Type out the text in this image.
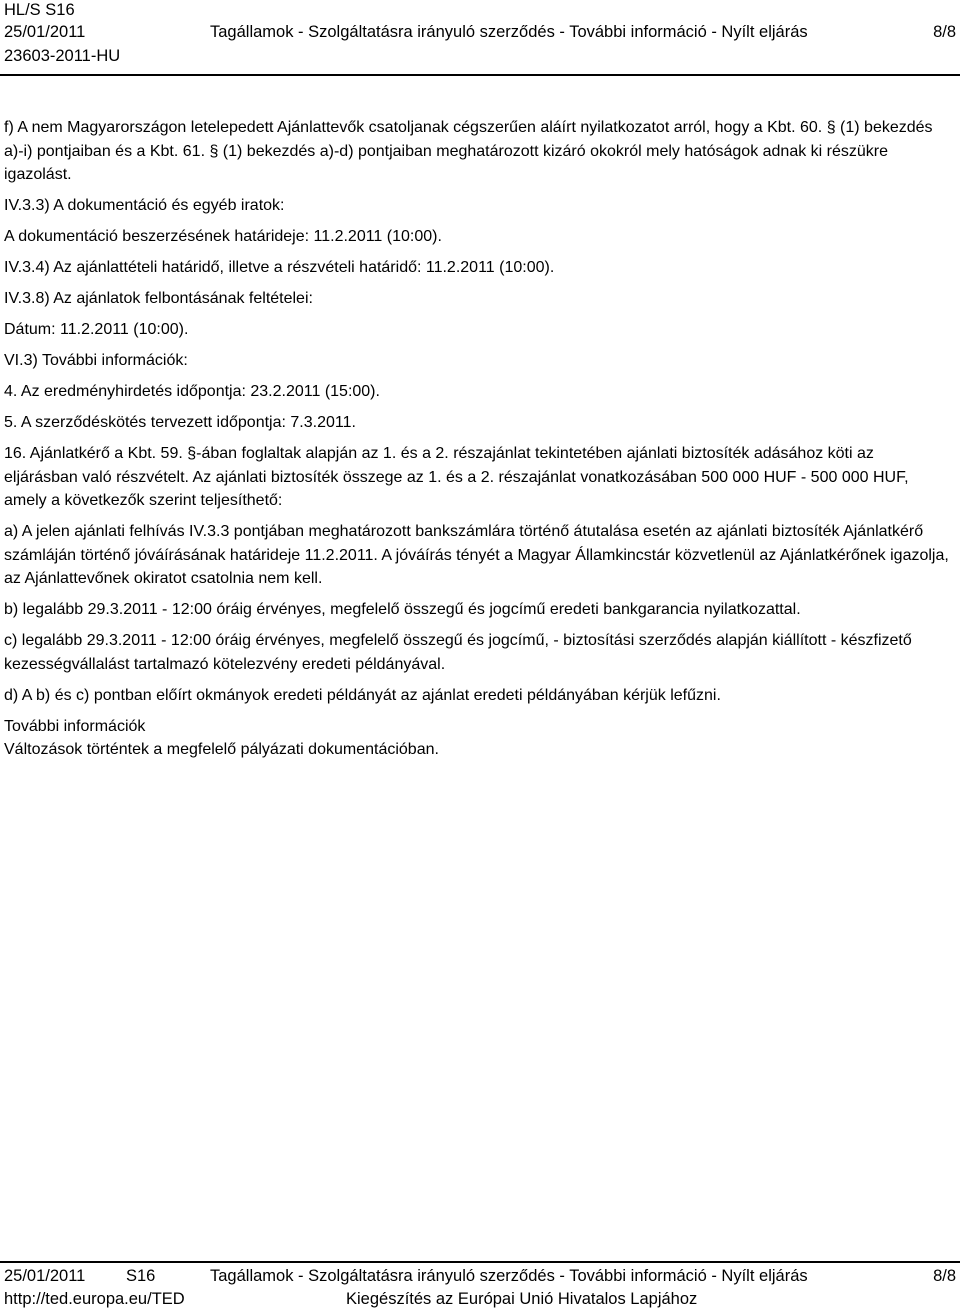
HL/S S16
25/01/2011
23603-2011-HU
Tagállamok - Szolgáltatásra irányuló szerződés - További információ - Nyílt eljárás	8/8

f) A nem Magyarországon letelepedett Ajánlattevők csatoljanak cégszerűen aláírt nyilatkozatot arról, hogy a Kbt. 60. § (1) bekezdés a)-i) pontjaiban és a Kbt. 61. § (1) bekezdés a)-d) pontjaiban meghatározott kizáró okokról mely hatóságok adnak ki részükre igazolást.

IV.3.3) A dokumentáció és egyéb iratok:

A dokumentáció beszerzésének határideje: 11.2.2011 (10:00).

IV.3.4) Az ajánlattételi határidő, illetve a részvételi határidő: 11.2.2011 (10:00).

IV.3.8) Az ajánlatok felbontásának feltételei:

Dátum: 11.2.2011 (10:00).

VI.3) További információk:

4. Az eredményhirdetés időpontja: 23.2.2011 (15:00).

5. A szerződéskötés tervezett időpontja: 7.3.2011.

16. Ajánlatkérő a Kbt. 59. §-ában foglaltak alapján az 1. és a 2. részajánlat tekintetében ajánlati biztosíték adásához köti az eljárásban való részvételt. Az ajánlati biztosíték összege az 1. és a 2. részajánlat vonatkozásában 500 000 HUF - 500 000 HUF, amely a következők szerint teljesíthető:

a) A jelen ajánlati felhívás IV.3.3 pontjában meghatározott bankszámlára történő átutalása esetén az ajánlati biztosíték Ajánlatkérő számláján történő jóváírásának határideje 11.2.2011. A jóváírás tényét a Magyar Államkincstár közvetlenül az Ajánlatkérőnek igazolja, az Ajánlattevőnek okiratot csatolnia nem kell.

b) legalább 29.3.2011 - 12:00 óráig érvényes, megfelelő összegű és jogcímű eredeti bankgarancia nyilatkozattal.

c) legalább 29.3.2011 - 12:00 óráig érvényes, megfelelő összegű és jogcímű, - biztosítási szerződés alapján kiállított - készfizető kezességvállalást tartalmazó kötelezvény eredeti példányával.

d) A b) és c) pontban előírt okmányok eredeti példányát az ajánlat eredeti példányában kérjük lefűzni.

További információk

Változások történtek a megfelelő pályázati dokumentációban.

25/01/2011 S16	Tagállamok - Szolgáltatásra irányuló szerződés - További információ - Nyílt eljárás	8/8
http://ted.europa.eu/TED	Kiegészítés az Európai Unió Hivatalos Lapjához
